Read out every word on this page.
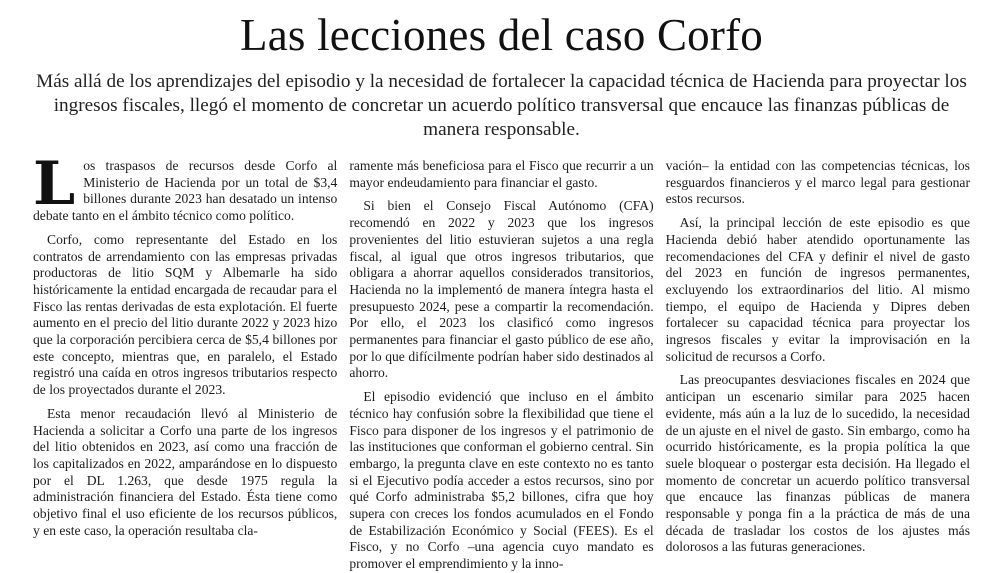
Las lecciones del caso Corfo

Más allá de los aprendizajes del episodio y la necesidad de fortalecer la capacidad técnica de Hacienda para proyectar los ingresos fiscales, llegó el momento de concretar un acuerdo político transversal que encauce las finanzas públicas de manera responsable.

Los traspasos de recursos desde Corfo al Ministerio de Hacienda por un total de $3,4 billones durante 2023 han desatado un intenso debate tanto en el ámbito técnico como político.

Corfo, como representante del Estado en los contratos de arrendamiento con las empresas privadas productoras de litio SQM y Albemarle ha sido históricamente la entidad encargada de recaudar para el Fisco las rentas derivadas de esta explotación. El fuerte aumento en el precio del litio durante 2022 y 2023 hizo que la corporación percibiera cerca de $5,4 billones por este concepto, mientras que, en paralelo, el Estado registró una caída en otros ingresos tributarios respecto de los proyectados durante el 2023.

Esta menor recaudación llevó al Ministerio de Hacienda a solicitar a Corfo una parte de los ingresos del litio obtenidos en 2023, así como una fracción de los capitalizados en 2022, amparándose en lo dispuesto por el DL 1.263, que desde 1975 regula la administración financiera del Estado. Ésta tiene como objetivo final el uso eficiente de los recursos públicos, y en este caso, la operación resultaba cla-

ramente más beneficiosa para el Fisco que recurrir a un mayor endeudamiento para financiar el gasto.

Si bien el Consejo Fiscal Autónomo (CFA) recomendó en 2022 y 2023 que los ingresos provenientes del litio estuvieran sujetos a una regla fiscal, al igual que otros ingresos tributarios, que obligara a ahorrar aquellos considerados transitorios, Hacienda no la implementó de manera íntegra hasta el presupuesto 2024, pese a compartir la recomendación. Por ello, el 2023 los clasificó como ingresos permanentes para financiar el gasto público de ese año, por lo que difícilmente podrían haber sido destinados al ahorro.

El episodio evidenció que incluso en el ámbito técnico hay confusión sobre la flexibilidad que tiene el Fisco para disponer de los ingresos y el patrimonio de las instituciones que conforman el gobierno central. Sin embargo, la pregunta clave en este contexto no es tanto si el Ejecutivo podía acceder a estos recursos, sino por qué Corfo administraba $5,2 billones, cifra que hoy supera con creces los fondos acumulados en el Fondo de Estabilización Económico y Social (FEES). Es el Fisco, y no Corfo –una agencia cuyo mandato es promover el emprendimiento y la inno-

vación– la entidad con las competencias técnicas, los resguardos financieros y el marco legal para gestionar estos recursos.

Así, la principal lección de este episodio es que Hacienda debió haber atendido oportunamente las recomendaciones del CFA y definir el nivel de gasto del 2023 en función de ingresos permanentes, excluyendo los extraordinarios del litio. Al mismo tiempo, el equipo de Hacienda y Dipres deben fortalecer su capacidad técnica para proyectar los ingresos fiscales y evitar la improvisación en la solicitud de recursos a Corfo.

Las preocupantes desviaciones fiscales en 2024 que anticipan un escenario similar para 2025 hacen evidente, más aún a la luz de lo sucedido, la necesidad de un ajuste en el nivel de gasto. Sin embargo, como ha ocurrido históricamente, es la propia política la que suele bloquear o postergar esta decisión. Ha llegado el momento de concretar un acuerdo político transversal que encauce las finanzas públicas de manera responsable y ponga fin a la práctica de más de una década de trasladar los costos de los ajustes más dolorosos a las futuras generaciones.
